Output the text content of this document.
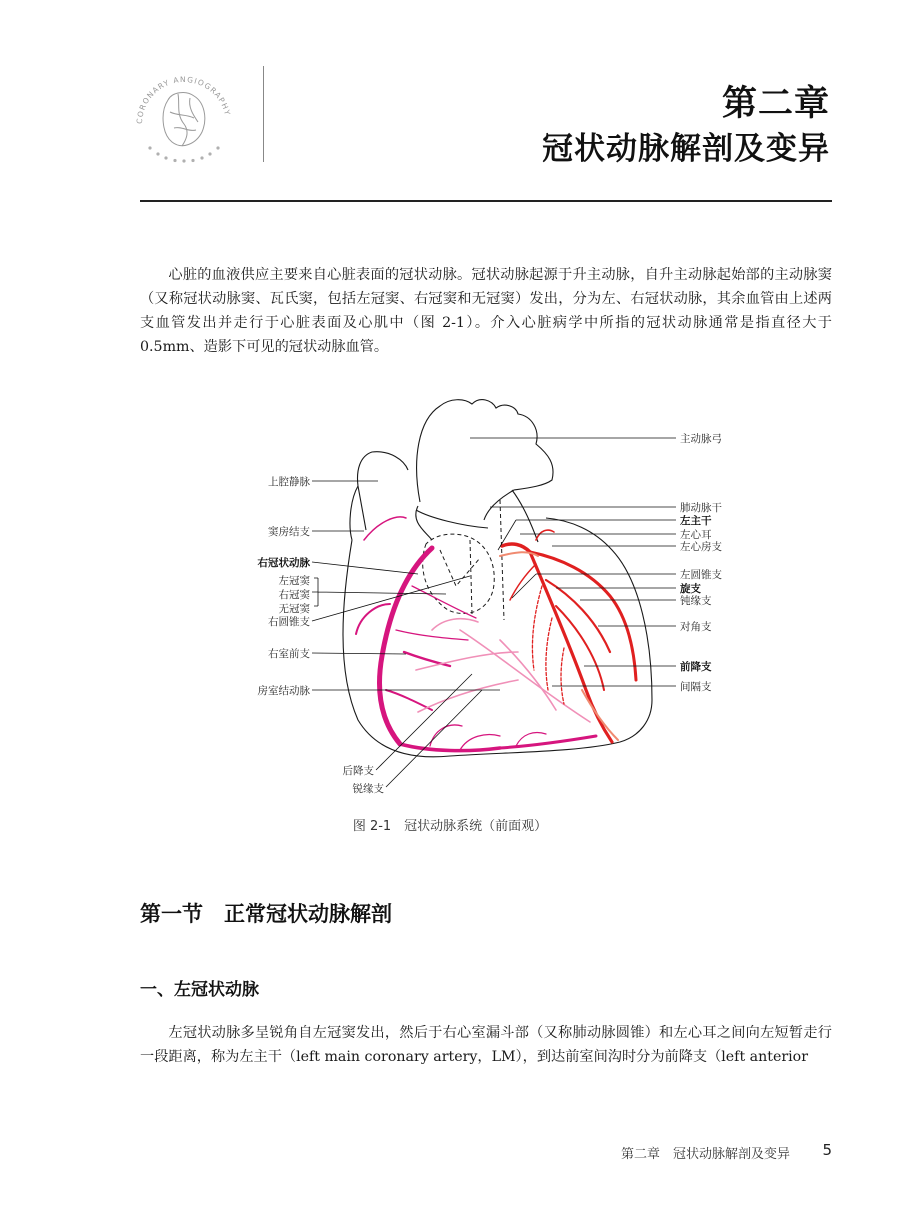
CORONARY ANGIOGRAPHY	第二章
冠状动脉解剖及变异

心脏的血液供应主要来自心脏表面的冠状动脉。冠状动脉起源于升主动脉，自升主动脉起始部的主动脉窦（又称冠状动脉窦、瓦氏窦，包括左冠窦、右冠窦和无冠窦）发出，分为左、右冠状动脉，其余血管由上述两支血管发出并走行于心脏表面及心肌中（图 2-1）。介入心脏病学中所指的冠状动脉通常是指直径大于 0.5mm、造影下可见的冠状动脉血管。

上腔静脉
窦房结支
右冠状动脉
左冠窦
右冠窦
无冠窦
右圆锥支
右室前支
房室结动脉
后降支
锐缘支
主动脉弓
肺动脉干
左主干
左心耳
左心房支
左圆锥支
旋支
钝缘支
对角支
前降支
间隔支
图 2-1　冠状动脉系统（前面观）
第一节　正常冠状动脉解剖
一、左冠状动脉

左冠状动脉多呈锐角自左冠窦发出，然后于右心室漏斗部（又称肺动脉圆锥）和左心耳之间向左短暂走行一段距离，称为左主干（left main coronary artery，LM），到达前室间沟时分为前降支（left anterior

第二章　冠状动脉解剖及变异 5
